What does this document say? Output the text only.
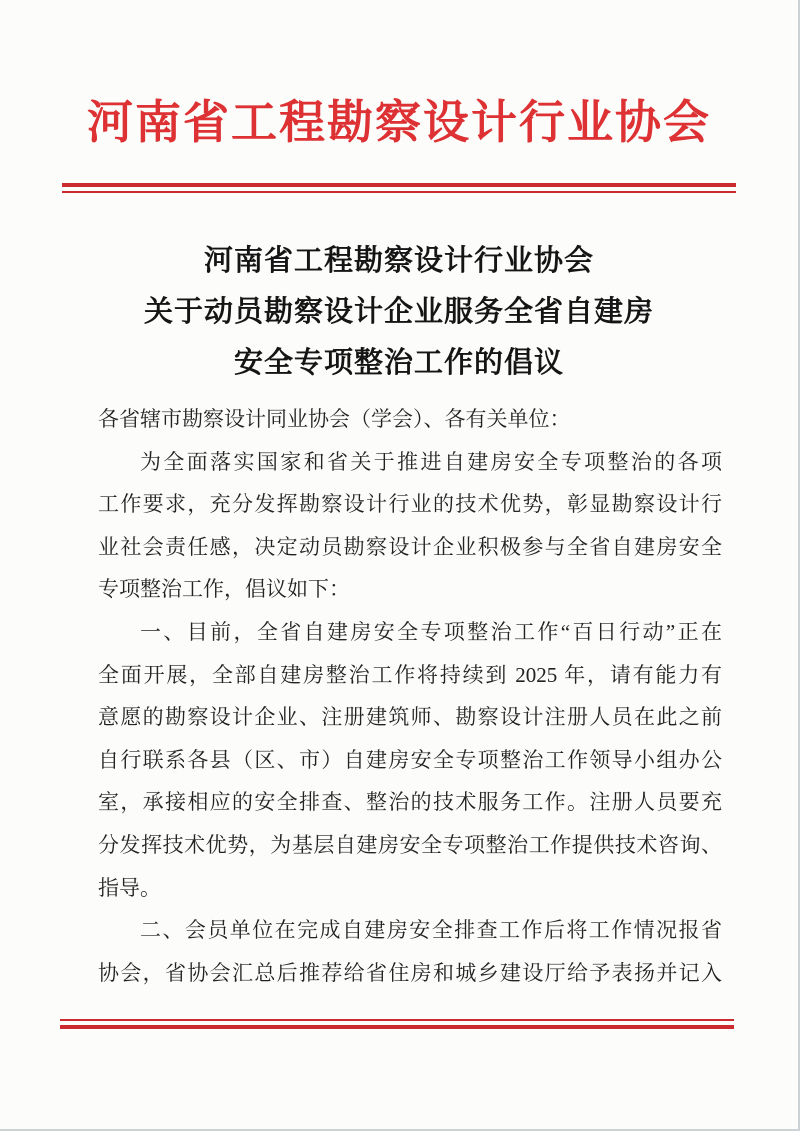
河南省工程勘察设计行业协会
河南省工程勘察设计行业协会
关于动员勘察设计企业服务全省自建房
安全专项整治工作的倡议
各省辖市勘察设计同业协会（学会）、各有关单位：
为全面落实国家和省关于推进自建房安全专项整治的各项
工作要求，充分发挥勘察设计行业的技术优势，彰显勘察设计行
业社会责任感，决定动员勘察设计企业积极参与全省自建房安全
专项整治工作，倡议如下：
一、目前，全省自建房安全专项整治工作“百日行动”正在
全面开展，全部自建房整治工作将持续到 2025 年，请有能力有
意愿的勘察设计企业、注册建筑师、勘察设计注册人员在此之前
自行联系各县（区、市）自建房安全专项整治工作领导小组办公
室，承接相应的安全排查、整治的技术服务工作。注册人员要充
分发挥技术优势，为基层自建房安全专项整治工作提供技术咨询、
指导。
二、会员单位在完成自建房安全排查工作后将工作情况报省
协会，省协会汇总后推荐给省住房和城乡建设厅给予表扬并记入
